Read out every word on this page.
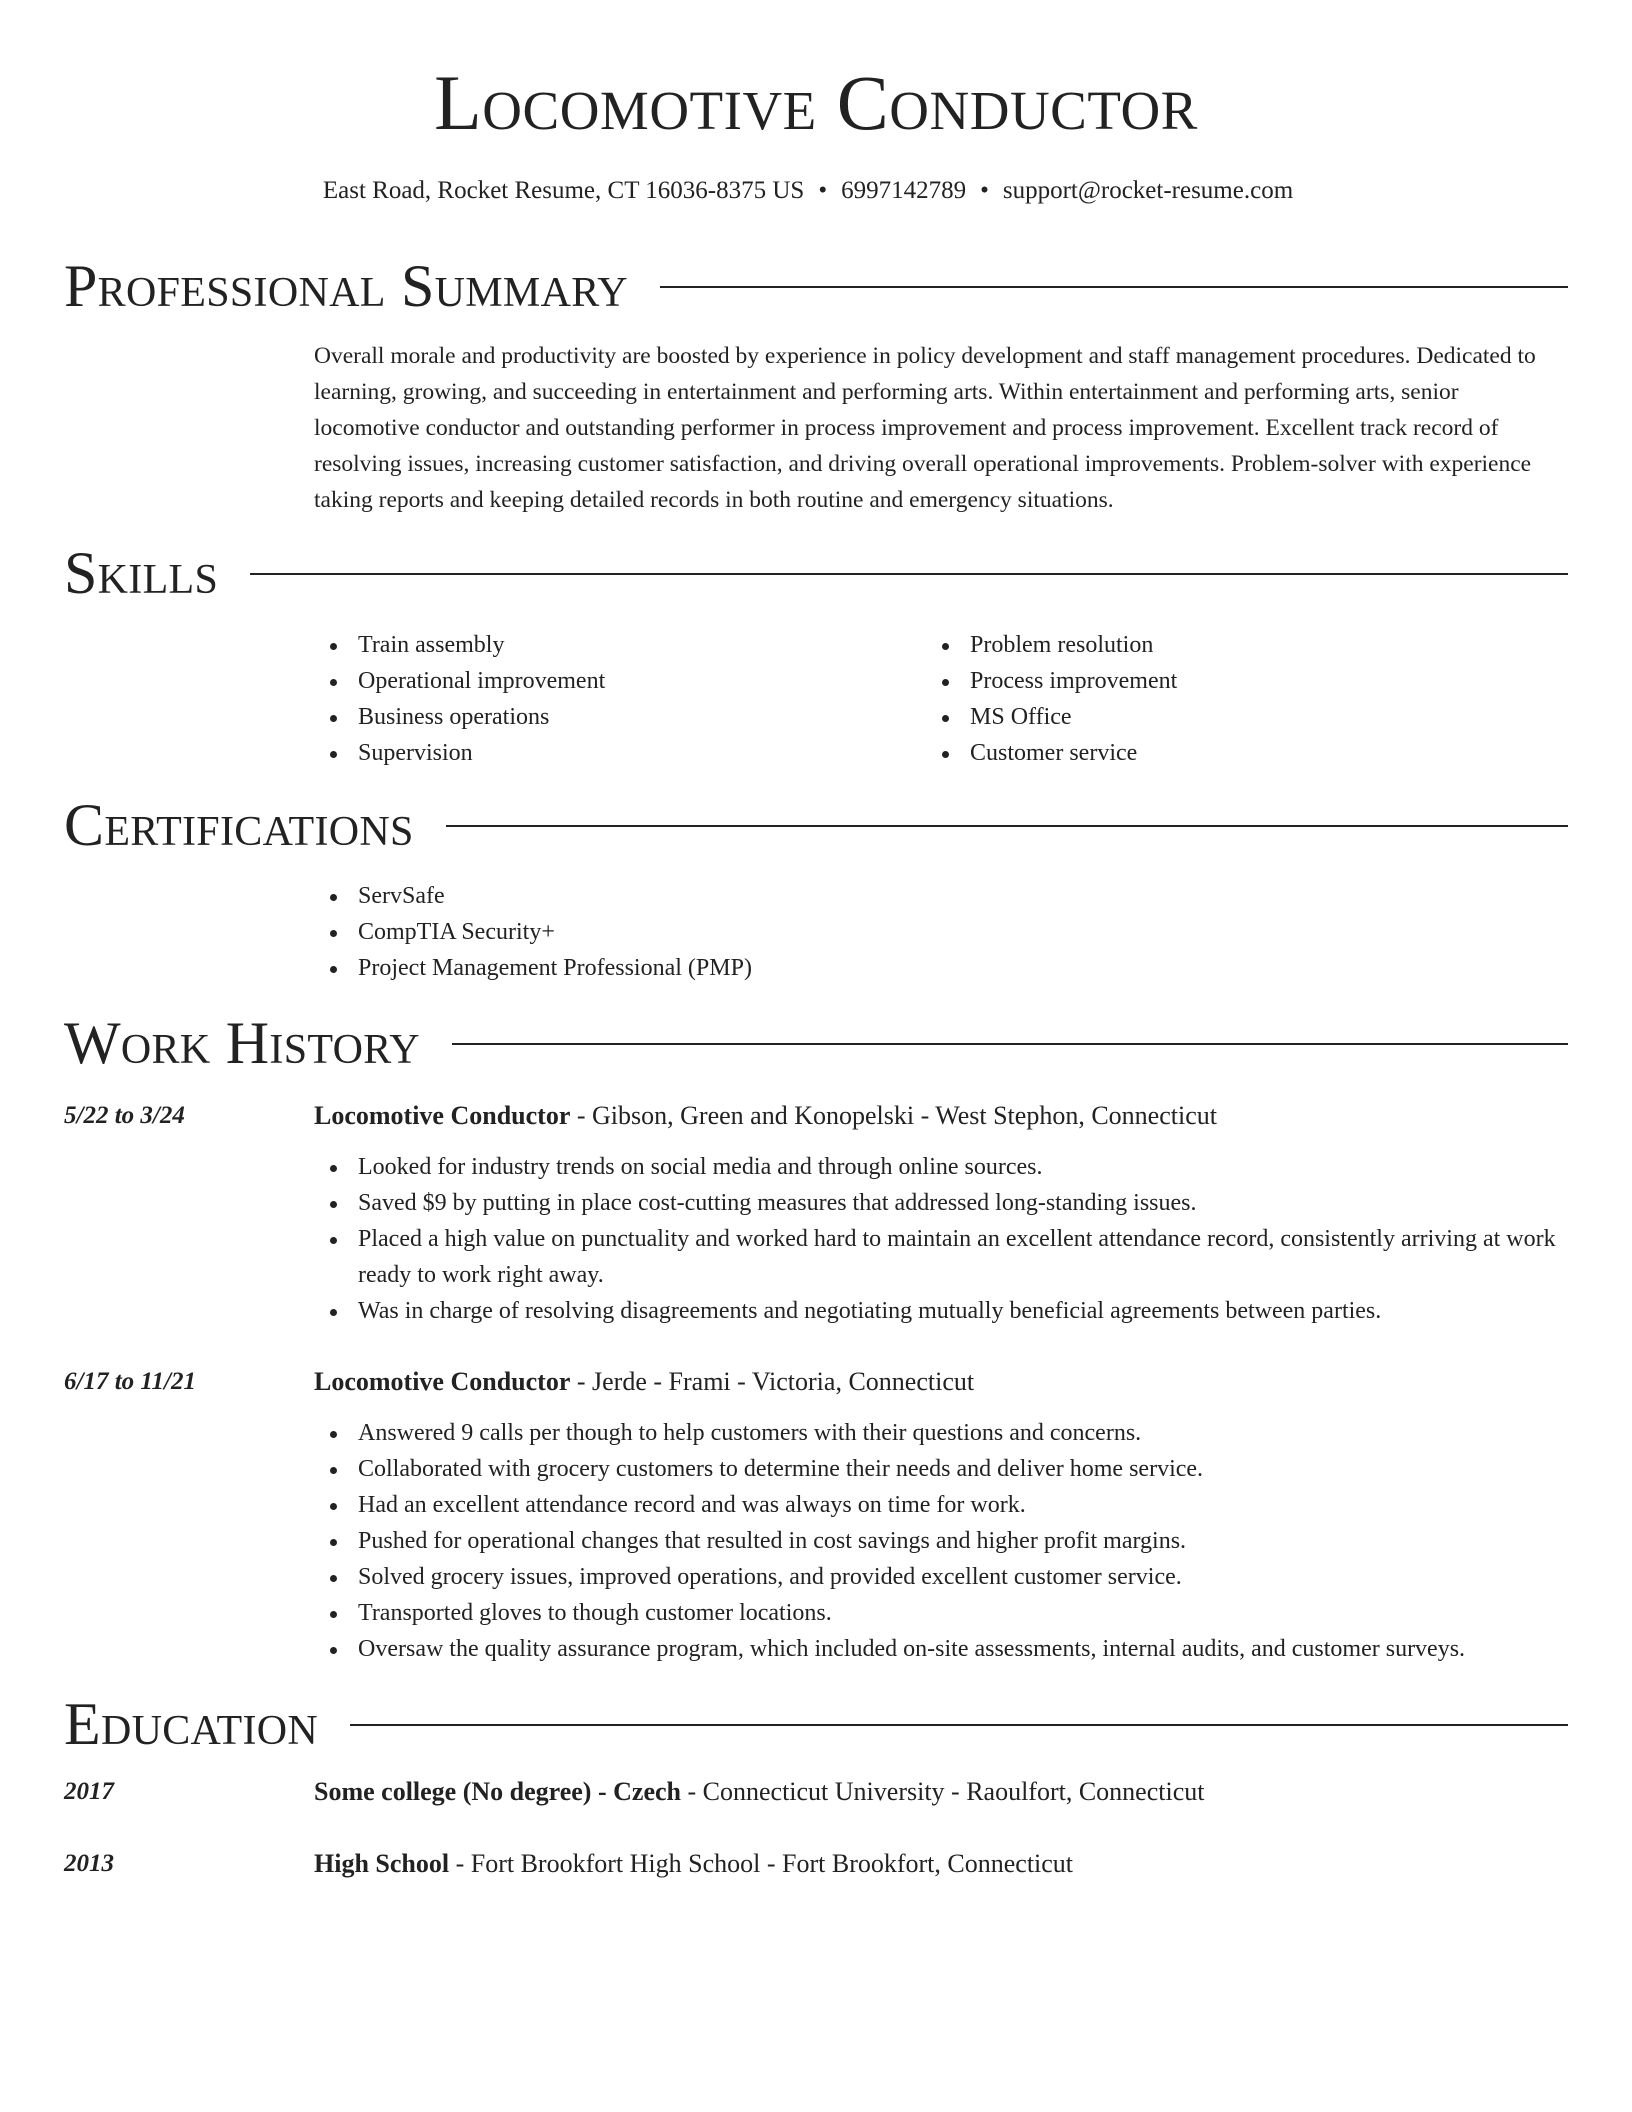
Locomotive Conductor
East Road, Rocket Resume, CT 16036-8375 US • 6997142789 • support@rocket-resume.com
Professional Summary

Overall morale and productivity are boosted by experience in policy development and staff management procedures. Dedicated to learning, growing, and succeeding in entertainment and performing arts. Within entertainment and performing arts, senior locomotive conductor and outstanding performer in process improvement and process improvement. Excellent track record of resolving issues, increasing customer satisfaction, and driving overall operational improvements. Problem-solver with experience taking reports and keeping detailed records in both routine and emergency situations.

Skills
Train assembly
Operational improvement
Business operations
Supervision
Problem resolution
Process improvement
MS Office
Customer service
Certifications
ServSafe
CompTIA Security+
Project Management Professional (PMP)
Work History
5/22 to 3/24	Locomotive Conductor - Gibson, Green and Konopelski - West Stephon, Connecticut
Looked for industry trends on social media and through online sources.
Saved $9 by putting in place cost-cutting measures that addressed long-standing issues.
Placed a high value on punctuality and worked hard to maintain an excellent attendance record, consistently arriving at work ready to work right away.
Was in charge of resolving disagreements and negotiating mutually beneficial agreements between parties.
6/17 to 11/21	Locomotive Conductor - Jerde - Frami - Victoria, Connecticut
Answered 9 calls per though to help customers with their questions and concerns.
Collaborated with grocery customers to determine their needs and deliver home service.
Had an excellent attendance record and was always on time for work.
Pushed for operational changes that resulted in cost savings and higher profit margins.
Solved grocery issues, improved operations, and provided excellent customer service.
Transported gloves to though customer locations.
Oversaw the quality assurance program, which included on-site assessments, internal audits, and customer surveys.
Education
2017	Some college (No degree) - Czech - Connecticut University - Raoulfort, Connecticut
2013	High School - Fort Brookfort High School - Fort Brookfort, Connecticut
